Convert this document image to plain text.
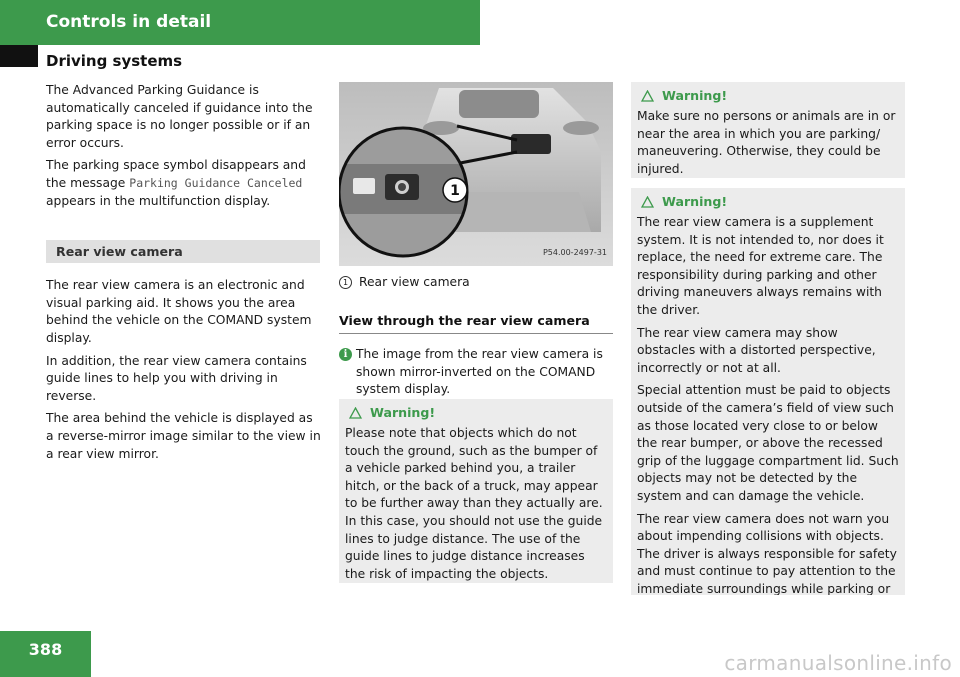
Controls in detail
Driving systems

The Advanced Parking Guidance is automatically canceled if guidance into the parking space is no longer possible or if an error occurs.

The parking space symbol disappears and the message Parking Guidance Canceled appears in the multifunction display.

Rear view camera

The rear view camera is an electronic and visual parking aid. It shows you the area behind the vehicle on the COMAND system display.

In addition, the rear view camera contains guide lines to help you with driving in reverse.

The area behind the vehicle is displayed as a reverse-mirror image similar to the view in a rear view mirror.

1
P54.00-2497-31
1 Rear view camera
View through the rear view camera
i The image from the rear view camera is shown mirror-inverted on the COMAND system display.
Warning!

Please note that objects which do not touch the ground, such as the bumper of a vehicle parked behind you, a trailer hitch, or the back of a truck, may appear to be further away than they actually are. In this case, you should not use the guide lines to judge distance. The use of the guide lines to judge distance increases the risk of impacting the objects.

Warning!

Make sure no persons or animals are in or near the area in which you are parking/ maneuvering. Otherwise, they could be injured.

Warning!

The rear view camera is a supplement system. It is not intended to, nor does it replace, the need for extreme care. The responsibility during parking and other driving maneuvers always remains with the driver.

The rear view camera may show obstacles with a distorted perspective, incorrectly or not at all.

Special attention must be paid to objects outside of the camera’s field of view such as those located very close to or below the rear bumper, or above the recessed grip of the luggage compartment lid. Such objects may not be detected by the system and can damage the vehicle.

The rear view camera does not warn you about impending collisions with objects. The driver is always responsible for safety and must continue to pay attention to the immediate surroundings while parking or

388
carmanualsonline.info
